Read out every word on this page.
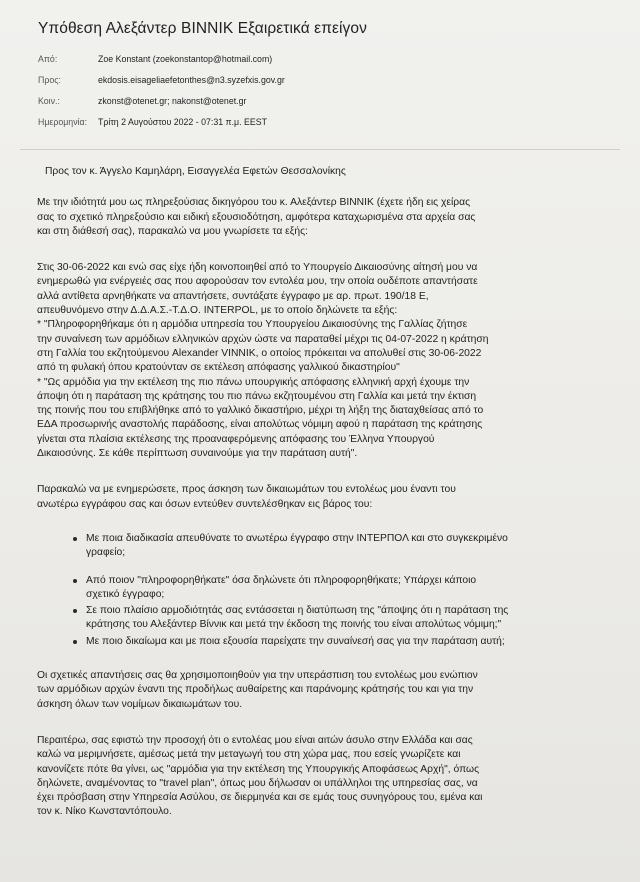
Υπόθεση Αλεξάντερ ΒΙΝΝΙΚ Εξαιρετικά επείγον
Από:	Zoe Konstant (zoekonstantop@hotmail.com)
Προς:	ekdosis.eisageliaefetonthes@n3.syzefxis.gov.gr
Κοιν.:	zkonst@otenet.gr; nakonst@otenet.gr
Ημερομηνία: Τρίτη 2 Αυγούστου 2022 - 07:31 π.μ. EEST

Προς τον κ. Άγγελο Καμηλάρη, Εισαγγελέα Εφετών Θεσσαλονίκης

Με την ιδιότητά μου ως πληρεξούσιας δικηγόρου του κ. Αλεξάντερ ΒΙΝΝΙΚ (έχετε ήδη εις χείρας

σας το σχετικό πληρεξούσιο και ειδική εξουσιοδότηση, αμφότερα καταχωρισμένα στα αρχεία σας

και στη διάθεσή σας), παρακαλώ να μου γνωρίσετε τα εξής:

Στις 30-06-2022 και ενώ σας είχε ήδη κοινοποιηθεί από το Υπουργείο Δικαιοσύνης αίτησή μου να

ενημερωθώ για ενέργειές σας που αφορούσαν τον εντολέα μου, την οποία ουδέποτε απαντήσατε

αλλά αντίθετα αρνηθήκατε να απαντήσετε, συντάξατε έγγραφο με αρ. πρωτ. 190/18 Ε,

απευθυνόμενο στην Δ.Δ.Α.Σ.-Τ.Δ.Ο. INTERPOL, με το οποίο δηλώνετε τα εξής:

* "Πληροφορηθήκαμε ότι η αρμόδια υπηρεσία του Υπουργείου Δικαιοσύνης της Γαλλίας ζήτησε

την συναίνεση των αρμόδιων ελληνικών αρχών ώστε να παραταθεί μέχρι τις 04-07-2022 η κράτηση

στη Γαλλία του εκζητούμενου Alexander VINNIK, ο οποίος πρόκειται να απολυθεί στις 30-06-2022

από τη φυλακή όπου κρατούνταν σε εκτέλεση απόφασης γαλλικού δικαστηρίου"

* "Ως αρμόδια για την εκτέλεση της πιο πάνω υπουργικής απόφασης ελληνική αρχή έχουμε την

άποψη ότι η παράταση της κράτησης του πιο πάνω εκζητουμένου στη Γαλλία και μετά την έκτιση

της ποινής που του επιβλήθηκε από το γαλλικό δικαστήριο, μέχρι τη λήξη της διαταχθείσας από το

ΕΔΑ προσωρινής αναστολής παράδοσης, είναι απολύτως νόμιμη αφού η παράταση της κράτησης

γίνεται στα πλαίσια εκτέλεσης της προαναφερόμενης απόφασης του Έλληνα Υπουργού

Δικαιοσύνης. Σε κάθε περίπτωση συναινούμε για την παράταση αυτή".

Παρακαλώ να με ενημερώσετε, προς άσκηση των δικαιωμάτων του εντολέως μου έναντι του

ανωτέρω εγγράφου σας και όσων εντεύθεν συντελέσθηκαν εις βάρος του:

Με ποια διαδικασία απευθύνατε το ανωτέρω έγγραφο στην ΙΝΤΕΡΠΟΛ και στο συγκεκριμένο

γραφείο;

Από ποιον "πληροφορηθήκατε" όσα δηλώνετε ότι πληροφορηθήκατε; Υπάρχει κάποιο

σχετικό έγγραφο;

Σε ποιο πλαίσιο αρμοδιότητάς σας εντάσσεται η διατύπωση της "άποψης ότι η παράταση της

κράτησης του Αλεξάντερ Βίννικ και μετά την έκδοση της ποινής του είναι απολύτως νόμιμη;"

Με ποιο δικαίωμα και με ποια εξουσία παρείχατε την συναίνεσή σας για την παράταση αυτή;

Οι σχετικές απαντήσεις σας θα χρησιμοποιηθούν για την υπεράσπιση του εντολέως μου ενώπιον

των αρμόδιων αρχών έναντι της προδήλως αυθαίρετης και παράνομης κράτησής του και για την

άσκηση όλων των νομίμων δικαιωμάτων του.

Περαιτέρω, σας εφιστώ την προσοχή ότι ο εντολέας μου είναι αιτών άσυλο στην Ελλάδα και σας

καλώ να μεριμνήσετε, αμέσως μετά την μεταγωγή του στη χώρα μας, που εσείς γνωρίζετε και

κανονίζετε πότε θα γίνει, ως "αρμόδια για την εκτέλεση της Υπουργικής Αποφάσεως Αρχή", όπως

δηλώνετε, αναμένοντας το "travel plan", όπως μου δήλωσαν οι υπάλληλοι της υπηρεσίας σας, να

έχει πρόσβαση στην Υπηρεσία Ασύλου, σε διερμηνέα και σε εμάς τους συνηγόρους του, εμένα και

τον κ. Νίκο Κωνσταντόπουλο.
